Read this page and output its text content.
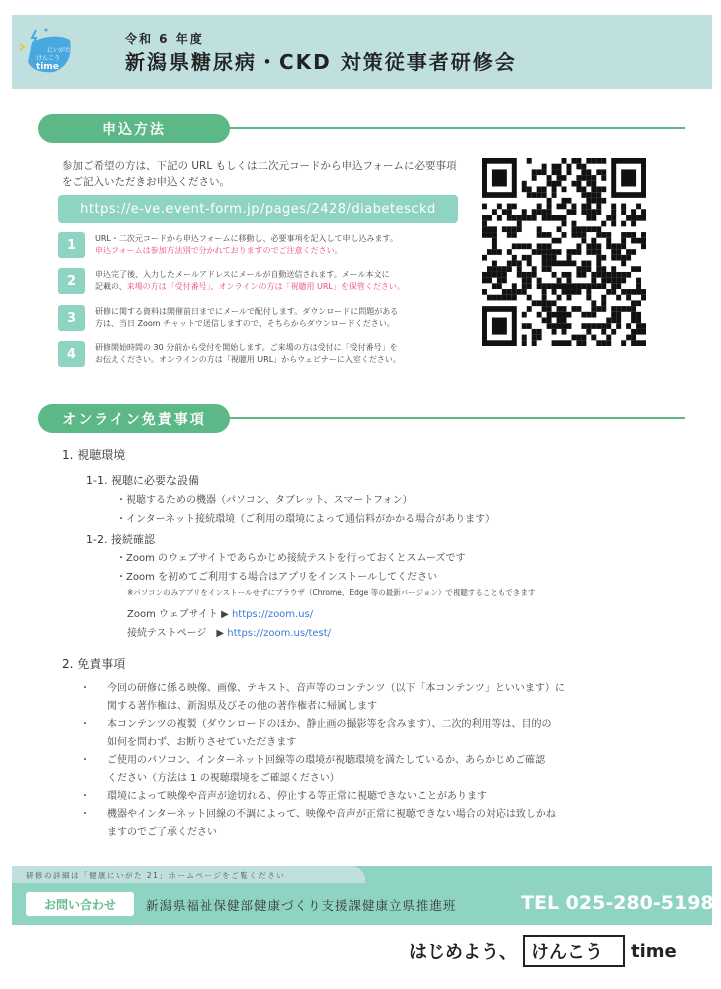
にいがた
けんこう
time
令和 6 年度
新潟県糖尿病・CKD 対策従事者研修会
申込方法
参加ご希望の方は、下記の URL もしくは二次元コードから申込フォームに必要事項をご記入いただきお申込ください。
https://e-ve.event-form.jp/pages/2428/diabetesckd
1	URL・二次元コードから申込フォームに移動し、必要事項を記入して申し込みます。
申込フォームは参加方法別で分かれておりますのでご注意ください。
2	申込完了後、入力したメールアドレスにメールが自動送信されます。メール本文に
記載の、来場の方は「受付番号」、オンラインの方は「視聴用 URL」を保管ください。
3	研修に関する資料は開催前日までにメールで配付します。ダウンロードに問題がある
方は、当日 Zoom チャットで送信しますので、そちらからダウンロードください。
4	研修開始時間の 30 分前から受付を開始します。ご来場の方は受付に「受付番号」を
お伝えください。オンラインの方は「視聴用 URL」からウェビナーに入室ください。
オンライン免責事項
1. 視聴環境
1-1. 視聴に必要な設備
・視聴するための機器（パソコン、タブレット、スマートフォン）
・インターネット接続環境（ご利用の環境によって通信料がかかる場合があります）
1-2. 接続確認
・Zoom のウェブサイトであらかじめ接続テストを行っておくとスムーズです
・Zoom を初めてご利用する場合はアプリをインストールしてください
※パソコンのみアプリをインストールせずにブラウザ（Chrome、Edge 等の最新バージョン）で視聴することもできます
Zoom ウェブサイト ▶ https://zoom.us/
接続テストページ　▶ https://zoom.us/test/
2. 免責事項
・ 今回の研修に係る映像、画像、テキスト、音声等のコンテンツ（以下「本コンテンツ」といいます）に
関する著作権は、新潟県及びその他の著作権者に帰属します
・ 本コンテンツの複製（ダウンロードのほか、静止画の撮影等を含みます）、二次的利用等は、目的の
如何を問わず、お断りさせていただきます
・ ご使用のパソコン、インターネット回線等の環境が視聴環境を満たしているか、あらかじめご確認
ください（方法は 1 の視聴環境をご確認ください）
・ 環境によって映像や音声が途切れる、停止する等正常に視聴できないことがあります
・ 機器やインターネット回線の不調によって、映像や音声が正常に視聴できない場合の対応は致しかね
ますのでご了承ください
研修の詳細は「健康にいがた 21」ホームページをご覧ください
お問い合わせ	新潟県福祉保健部健康づくり支援課健康立県推進班	TEL 025-280-5198
はじめよう、 けんこう	time
